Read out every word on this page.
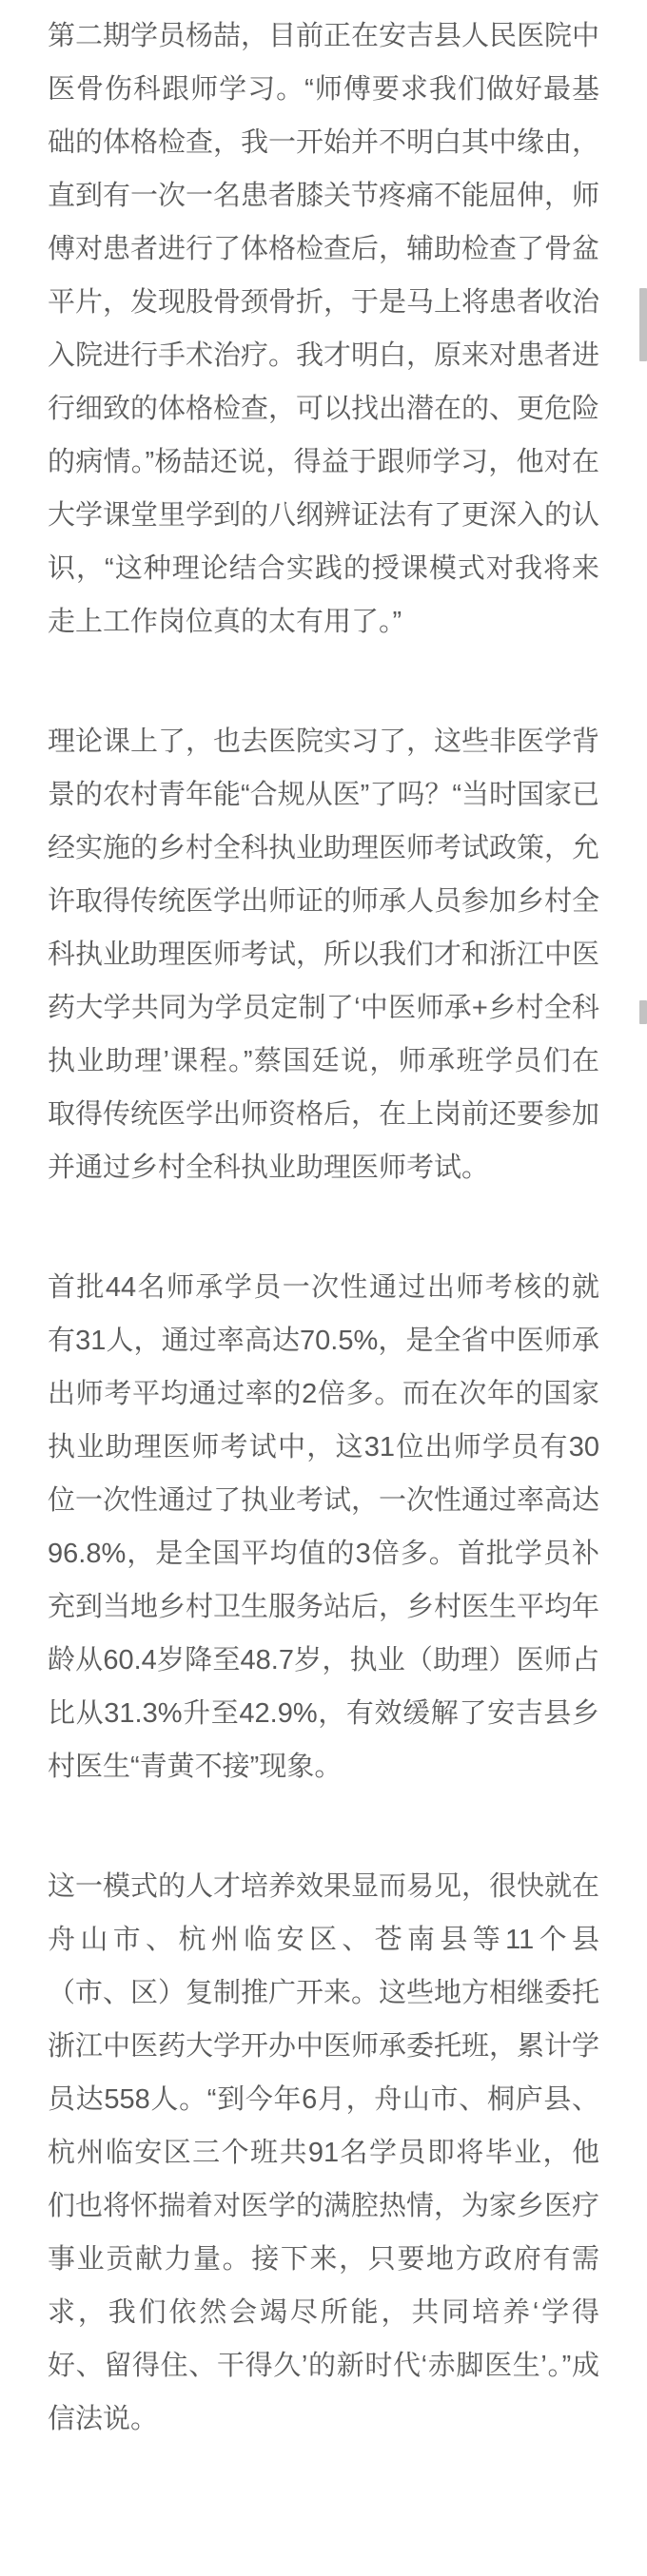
第二期学员杨喆，目前正在安吉县人民医院中医骨伤科跟师学习。“师傅要求我们做好最基础的体格检查，我一开始并不明白其中缘由，直到有一次一名患者膝关节疼痛不能屈伸，师傅对患者进行了体格检查后，辅助检查了骨盆平片，发现股骨颈骨折，于是马上将患者收治入院进行手术治疗。我才明白，原来对患者进行细致的体格检查，可以找出潜在的、更危险的病情。”杨喆还说，得益于跟师学习，他对在大学课堂里学到的八纲辨证法有了更深入的认识，“这种理论结合实践的授课模式对我将来走上工作岗位真的太有用了。”

理论课上了，也去医院实习了，这些非医学背景的农村青年能“合规从医”了吗？“当时国家已经实施的乡村全科执业助理医师考试政策，允许取得传统医学出师证的师承人员参加乡村全科执业助理医师考试，所以我们才和浙江中医药大学共同为学员定制了‘中医师承+乡村全科执业助理’课程。”蔡国廷说，师承班学员们在取得传统医学出师资格后，在上岗前还要参加并通过乡村全科执业助理医师考试。

首批44名师承学员一次性通过出师考核的就有31人，通过率高达70.5%，是全省中医师承出师考平均通过率的2倍多。而在次年的国家执业助理医师考试中，这31位出师学员有30位一次性通过了执业考试，一次性通过率高达96.8%，是全国平均值的3倍多。首批学员补充到当地乡村卫生服务站后，乡村医生平均年龄从60.4岁降至48.7岁，执业（助理）医师占比从31.3%升至42.9%，有效缓解了安吉县乡村医生“青黄不接”现象。

这一模式的人才培养效果显而易见，很快就在舟山市、杭州临安区、苍南县等11个县（市、区）复制推广开来。这些地方相继委托浙江中医药大学开办中医师承委托班，累计学员达558人。“到今年6月，舟山市、桐庐县、杭州临安区三个班共91名学员即将毕业，他们也将怀揣着对医学的满腔热情，为家乡医疗事业贡献力量。接下来，只要地方政府有需求，我们依然会竭尽所能，共同培养‘学得好、留得住、干得久’的新时代‘赤脚医生’。”成信法说。
